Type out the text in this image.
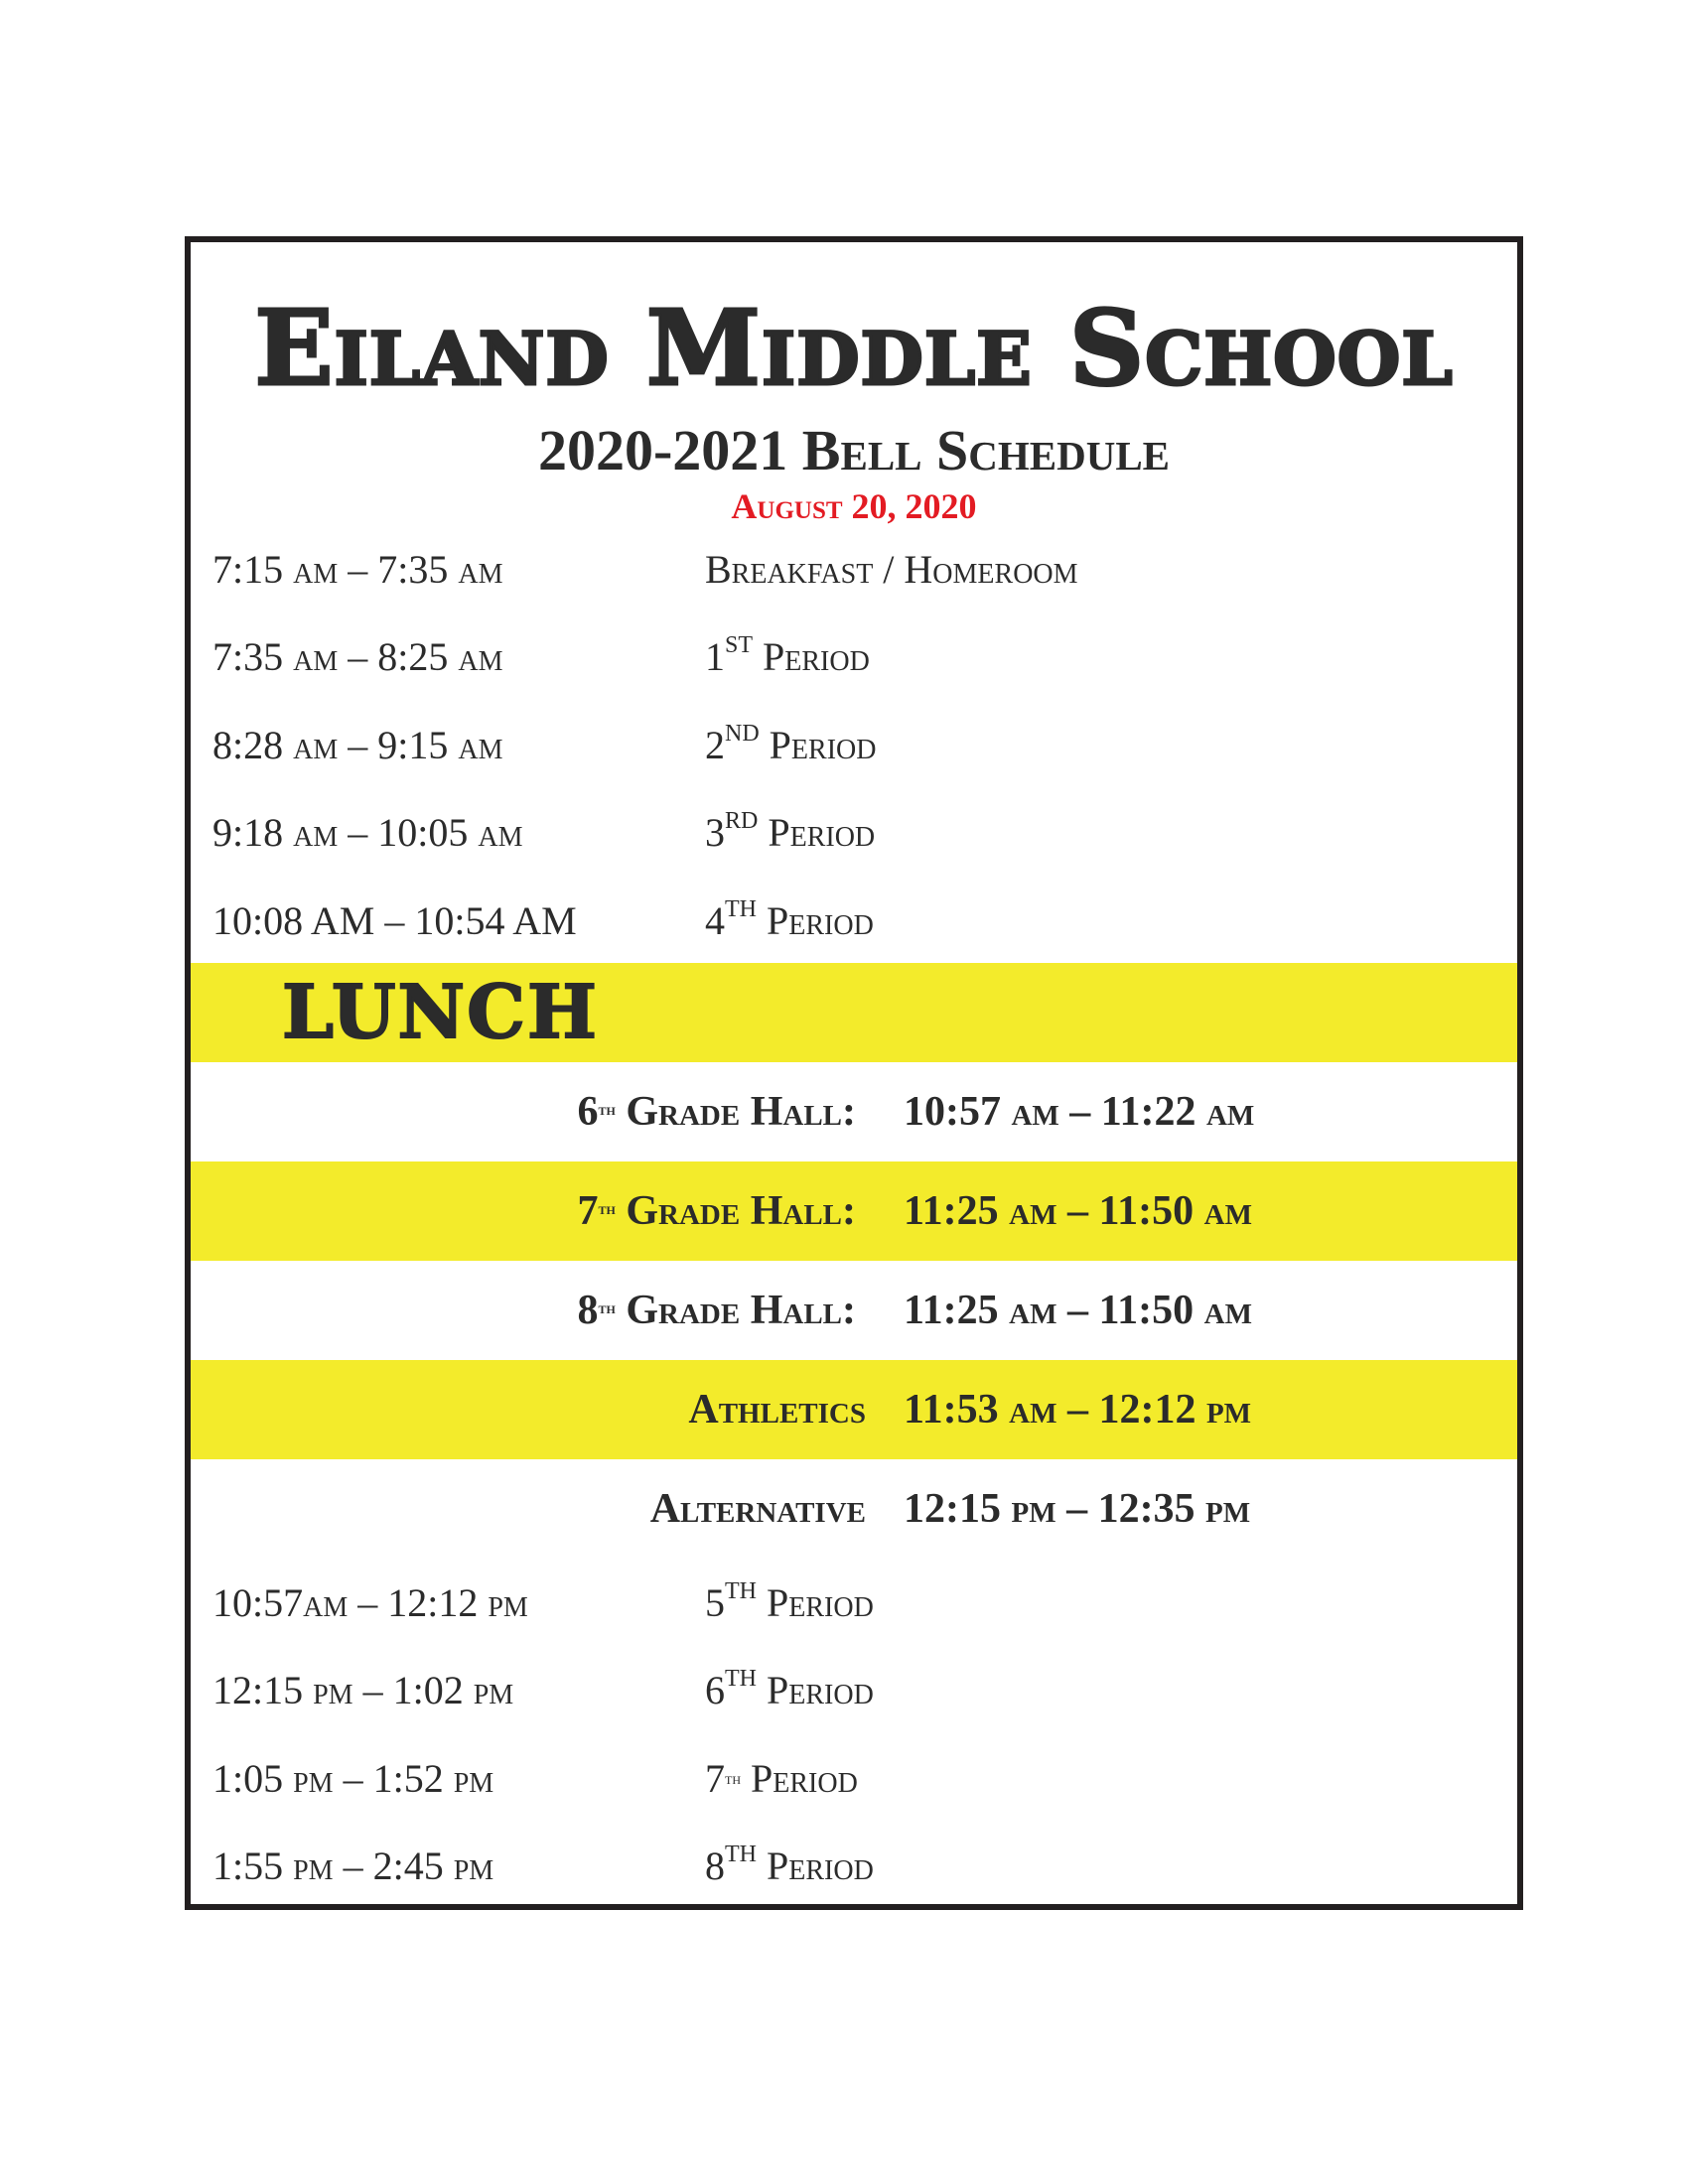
Eiland Middle School
2020-2021 Bell Schedule
August 20, 2020
7:15 am – 7:35 am	Breakfast / Homeroom
7:35 am – 8:25 am	1ST Period
8:28 am – 9:15 am	2ND Period
9:18 am – 10:05 am	3RD Period
10:08 AM – 10:54 AM	4TH Period
LUNCH
6TH Grade Hall: 10:57 am – 11:22 am
7TH Grade Hall: 11:25 am – 11:50 am
8TH Grade Hall: 11:25 am – 11:50 am
Athletics 11:53 am – 12:12 pm
Alternative 12:15 pm – 12:35 pm
10:57am – 12:12 pm	5TH Period
12:15 pm – 1:02 pm	6TH Period
1:05 pm – 1:52 pm	7TH Period
1:55 pm – 2:45 pm	8TH Period
